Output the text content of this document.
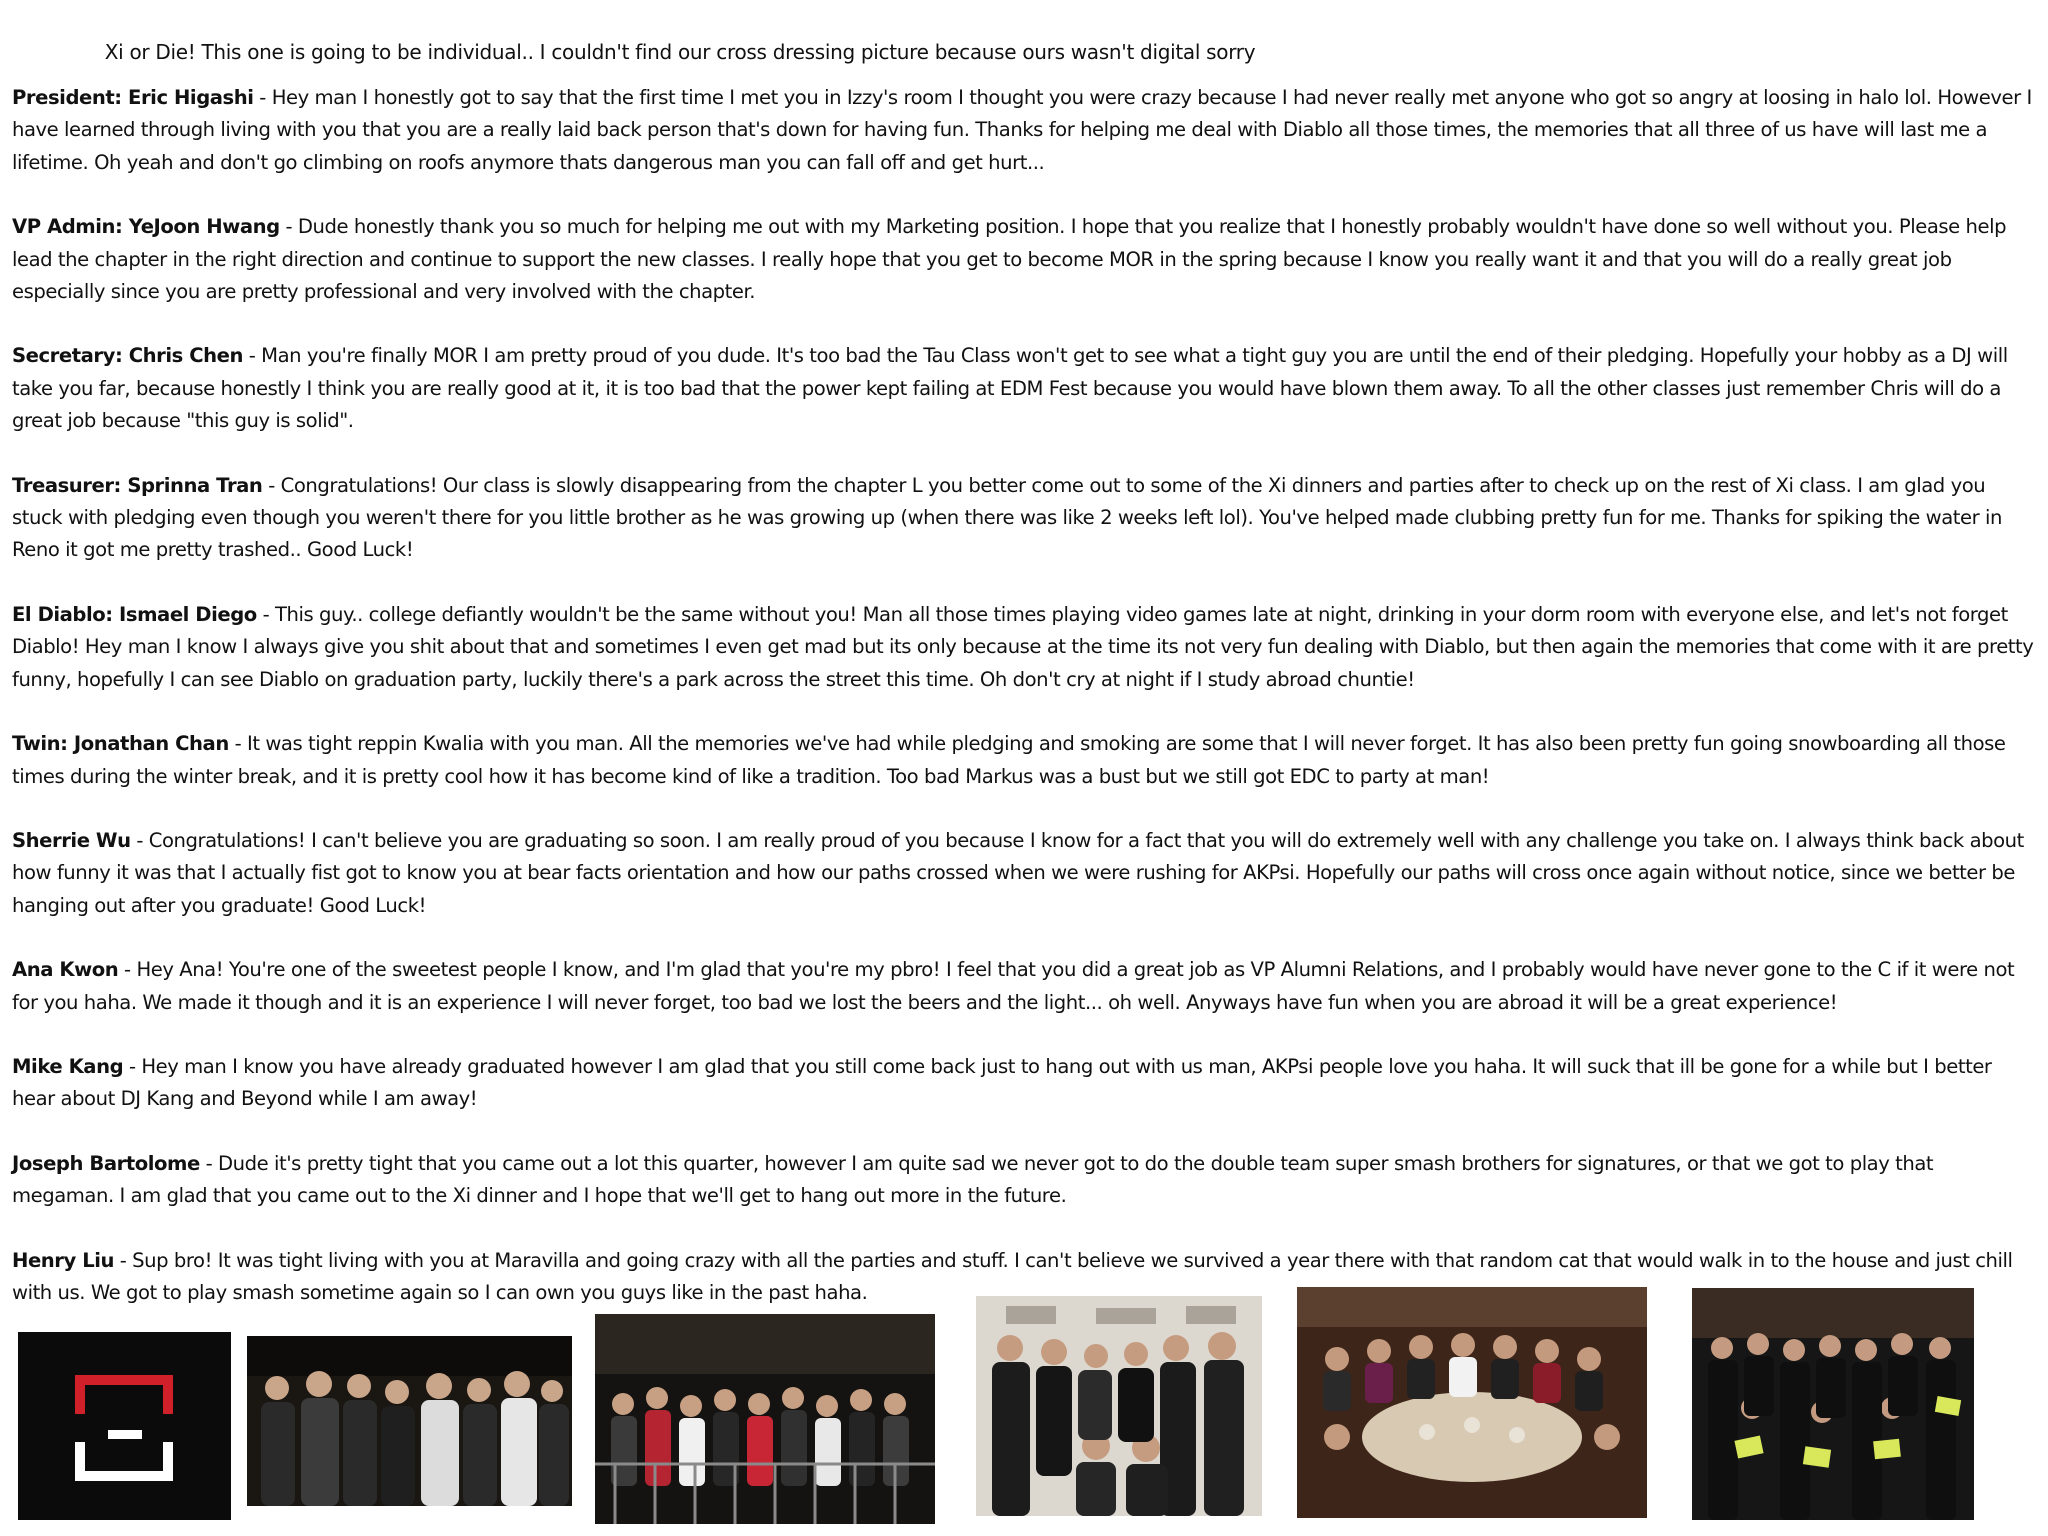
Xi or Die! This one is going to be individual.. I couldn't find our cross dressing picture because ours wasn't digital sorry

President: Eric Higashi - Hey man I honestly got to say that the first time I met you in Izzy's room I thought you were crazy because I had never really met anyone who got so angry at loosing in halo lol. However I have learned through living with you that you are a really laid back person that's down for having fun. Thanks for helping me deal with Diablo all those times, the memories that all three of us have will last me a lifetime. Oh yeah and don't go climbing on roofs anymore thats dangerous man you can fall off and get hurt...

VP Admin: YeJoon Hwang - Dude honestly thank you so much for helping me out with my Marketing position. I hope that you realize that I honestly probably wouldn't have done so well without you. Please help lead the chapter in the right direction and continue to support the new classes. I really hope that you get to become MOR in the spring because I know you really want it and that you will do a really great job especially since you are pretty professional and very involved with the chapter.

Secretary: Chris Chen - Man you're finally MOR I am pretty proud of you dude. It's too bad the Tau Class won't get to see what a tight guy you are until the end of their pledging. Hopefully your hobby as a DJ will take you far, because honestly I think you are really good at it, it is too bad that the power kept failing at EDM Fest because you would have blown them away. To all the other classes just remember Chris will do a great job because "this guy is solid".

Treasurer: Sprinna Tran - Congratulations! Our class is slowly disappearing from the chapter L you better come out to some of the Xi dinners and parties after to check up on the rest of Xi class. I am glad you stuck with pledging even though you weren't there for you little brother as he was growing up (when there was like 2 weeks left lol). You've helped made clubbing pretty fun for me. Thanks for spiking the water in Reno it got me pretty trashed.. Good Luck!

El Diablo: Ismael Diego - This guy.. college defiantly wouldn't be the same without you! Man all those times playing video games late at night, drinking in your dorm room with everyone else, and let's not forget Diablo! Hey man I know I always give you shit about that and sometimes I even get mad but its only because at the time its not very fun dealing with Diablo, but then again the memories that come with it are pretty funny, hopefully I can see Diablo on graduation party, luckily there's a park across the street this time. Oh don't cry at night if I study abroad chuntie!

Twin: Jonathan Chan - It was tight reppin Kwalia with you man. All the memories we've had while pledging and smoking are some that I will never forget. It has also been pretty fun going snowboarding all those times during the winter break, and it is pretty cool how it has become kind of like a tradition. Too bad Markus was a bust but we still got EDC to party at man!

Sherrie Wu - Congratulations! I can't believe you are graduating so soon. I am really proud of you because I know for a fact that you will do extremely well with any challenge you take on. I always think back about how funny it was that I actually fist got to know you at bear facts orientation and how our paths crossed when we were rushing for AKPsi. Hopefully our paths will cross once again without notice, since we better be hanging out after you graduate! Good Luck!

Ana Kwon - Hey Ana! You're one of the sweetest people I know, and I'm glad that you're my pbro! I feel that you did a great job as VP Alumni Relations, and I probably would have never gone to the C if it were not for you haha. We made it though and it is an experience I will never forget, too bad we lost the beers and the light... oh well. Anyways have fun when you are abroad it will be a great experience!

Mike Kang - Hey man I know you have already graduated however I am glad that you still come back just to hang out with us man, AKPsi people love you haha. It will suck that ill be gone for a while but I better hear about DJ Kang and Beyond while I am away!

Joseph Bartolome - Dude it's pretty tight that you came out a lot this quarter, however I am quite sad we never got to do the double team super smash brothers for signatures, or that we got to play that megaman. I am glad that you came out to the Xi dinner and I hope that we'll get to hang out more in the future.

Henry Liu - Sup bro! It was tight living with you at Maravilla and going crazy with all the parties and stuff. I can't believe we survived a year there with that random cat that would walk in to the house and just chill with us. We got to play smash sometime again so I can own you guys like in the past haha.
